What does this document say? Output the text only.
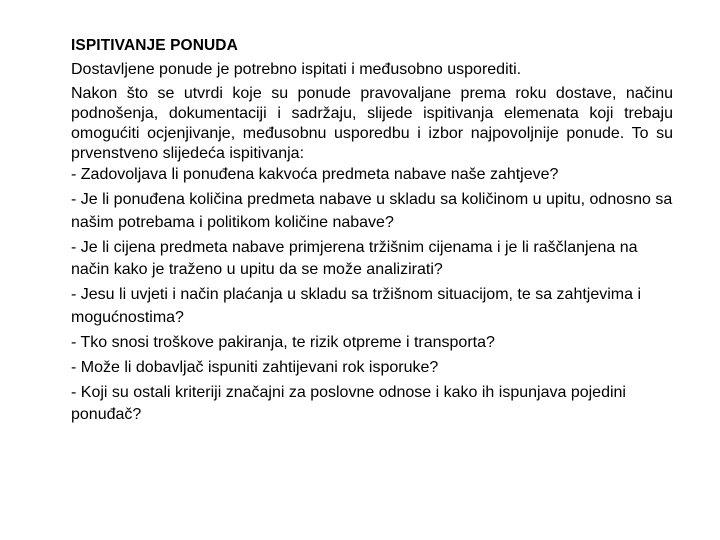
ISPITIVANJE PONUDA

Dostavljene ponude je potrebno ispitati i međusobno usporediti.

Nakon što se utvrdi koje su ponude pravovaljane prema roku dostave, načinu podnošenja, dokumentaciji i sadržaju, slijede ispitivanja elemenata koji trebaju omogućiti ocjenjivanje, međusobnu usporedbu i izbor najpovoljnije ponude. To su prvenstveno slijedeća ispitivanja:

- Zadovoljava li ponuđena kakvoća predmeta nabave naše zahtjeve?
- Je li ponuđena količina predmeta nabave u skladu sa količinom u upitu, odnosno sa našim potrebama i politikom količine nabave?
- Je li cijena predmeta nabave primjerena tržišnim cijenama i je li raščlanjena na način kako je traženo u upitu da se može analizirati?
- Jesu li uvjeti i način plaćanja u skladu sa tržišnom situacijom, te sa zahtjevima i mogućnostima?
- Tko snosi troškove pakiranja, te rizik otpreme i transporta?
- Može li dobavljač ispuniti zahtijevani rok isporuke?
- Koji su ostali kriteriji značajni za poslovne odnose i kako ih ispunjava pojedini ponuđač?
